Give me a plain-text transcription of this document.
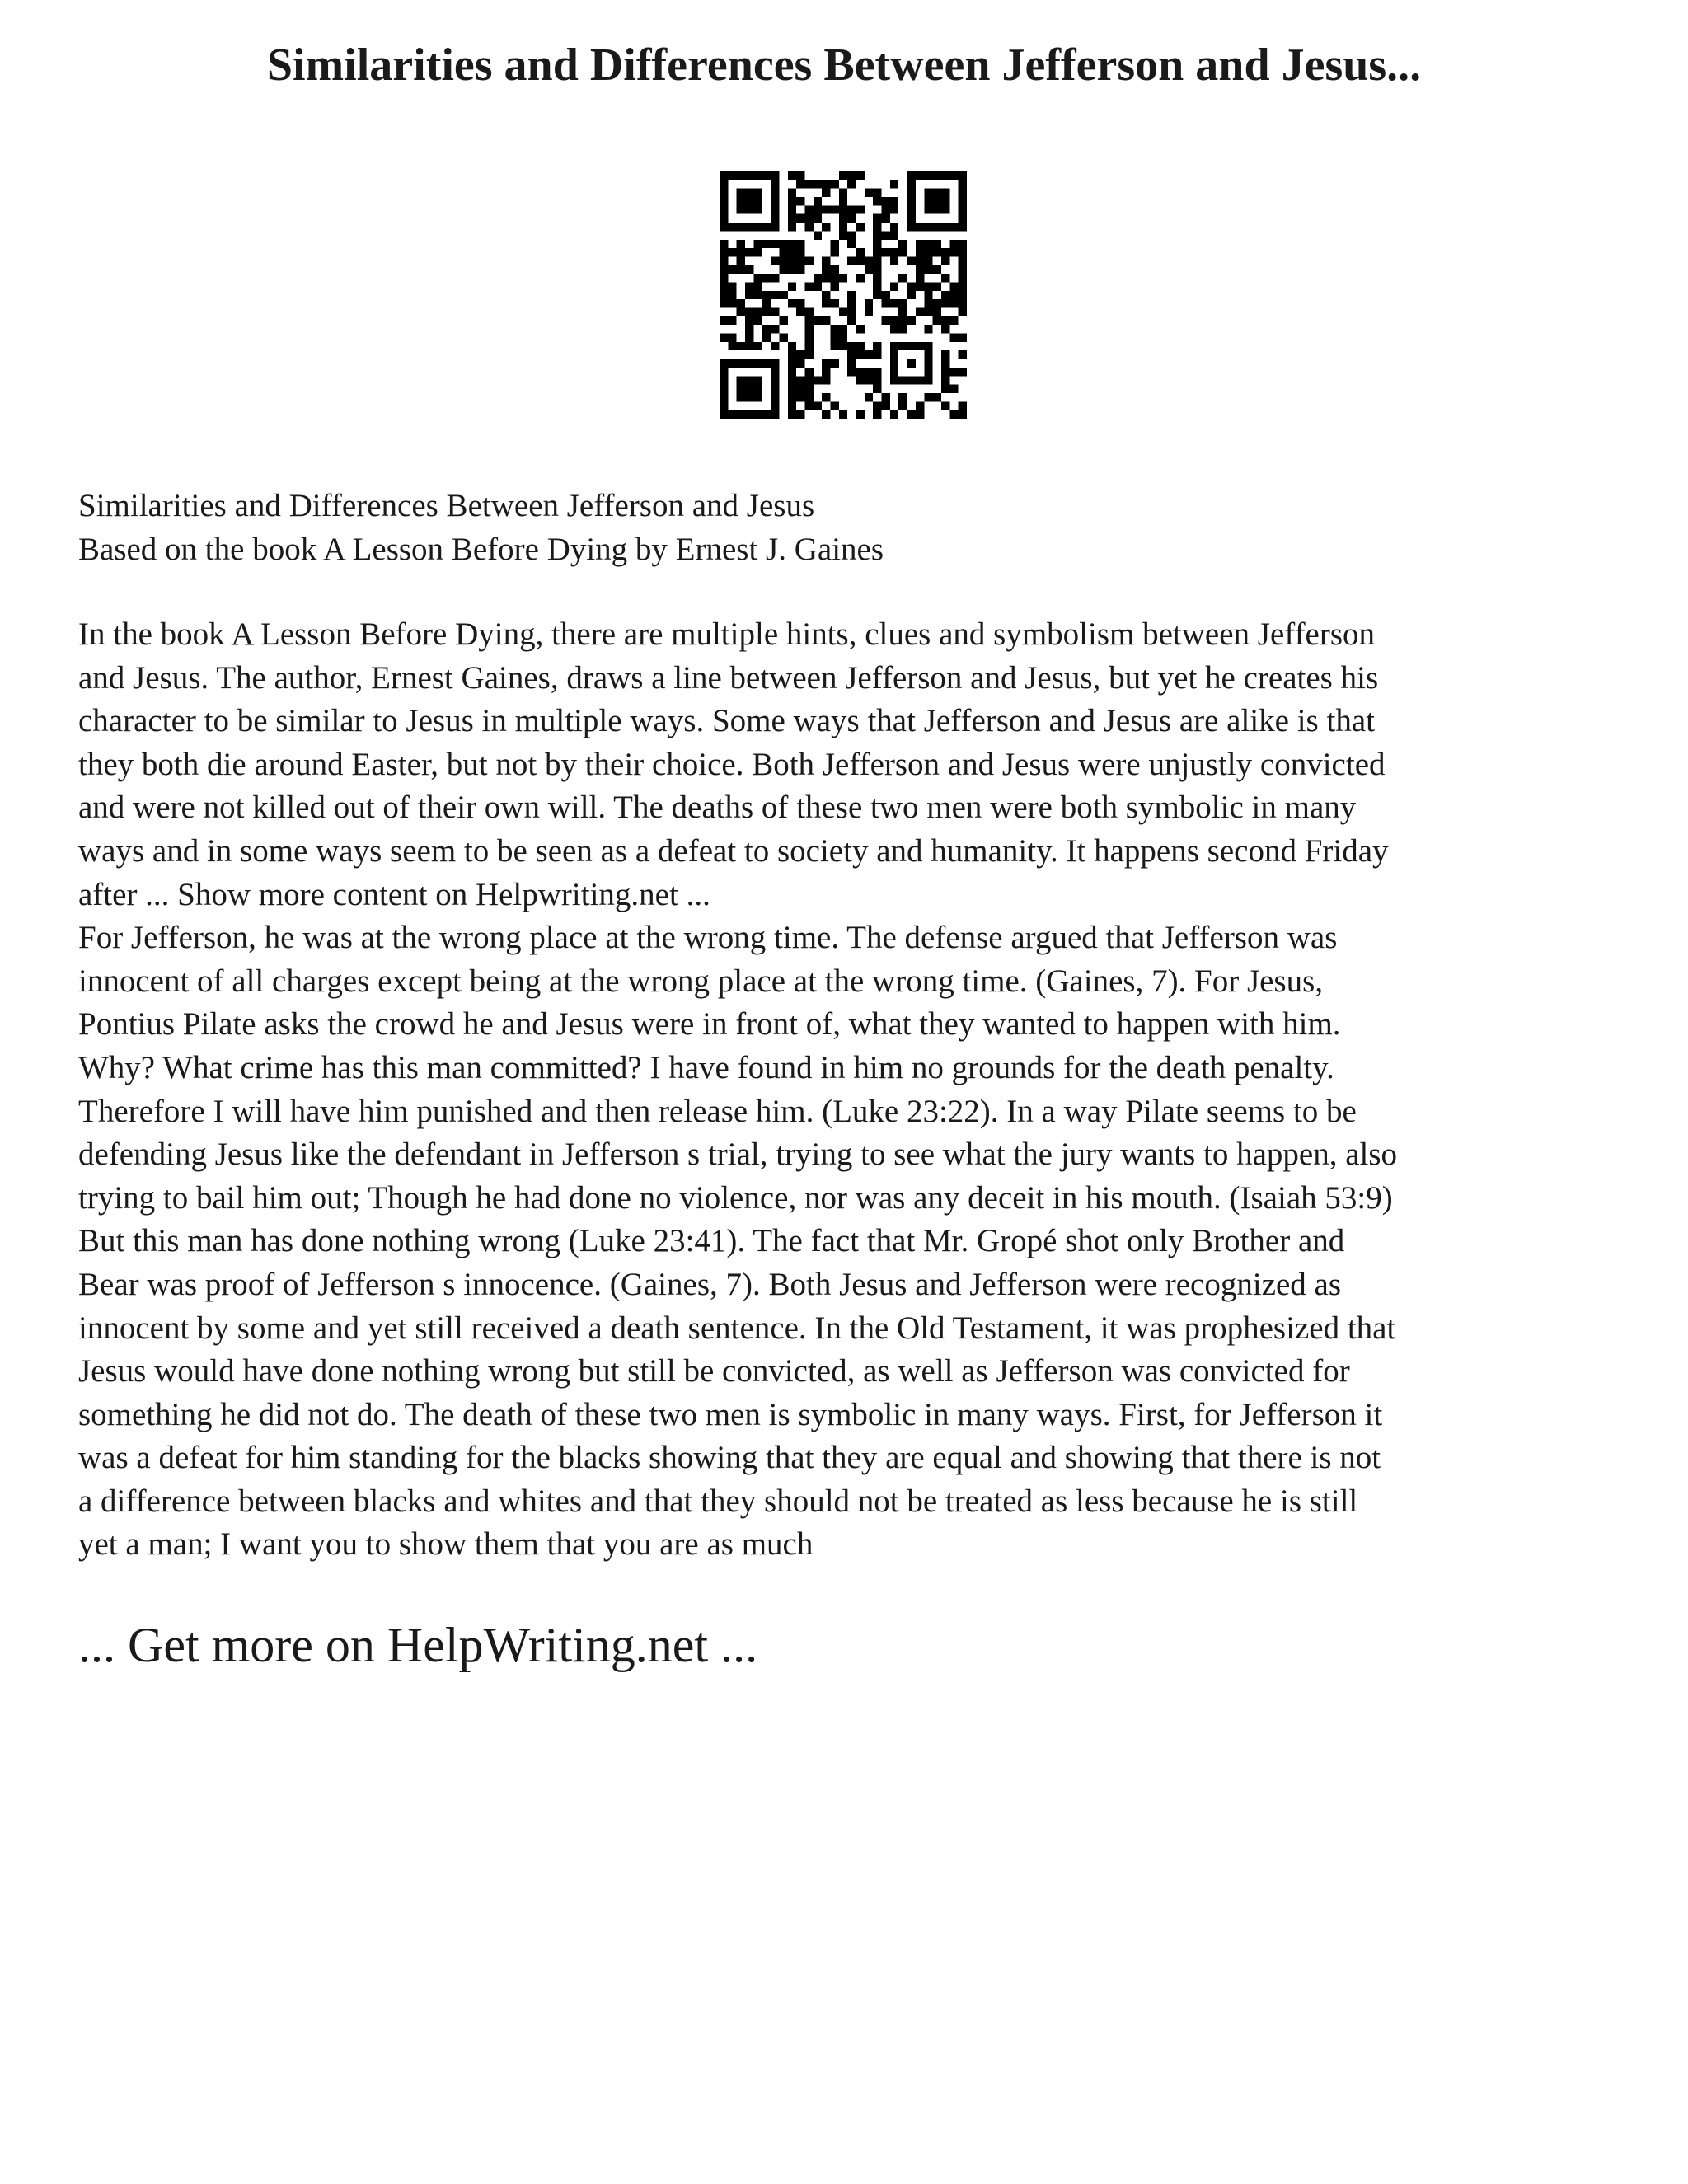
Similarities and Differences Between Jefferson and Jesus...
Similarities and Differences Between Jefferson and Jesus
Based on the book A Lesson Before Dying by Ernest J. Gaines
In the book A Lesson Before Dying, there are multiple hints, clues and symbolism between Jefferson
and Jesus. The author, Ernest Gaines, draws a line between Jefferson and Jesus, but yet he creates his
character to be similar to Jesus in multiple ways. Some ways that Jefferson and Jesus are alike is that
they both die around Easter, but not by their choice. Both Jefferson and Jesus were unjustly convicted
and were not killed out of their own will. The deaths of these two men were both symbolic in many
ways and in some ways seem to be seen as a defeat to society and humanity. It happens second Friday
after ... Show more content on Helpwriting.net ...
For Jefferson, he was at the wrong place at the wrong time. The defense argued that Jefferson was
innocent of all charges except being at the wrong place at the wrong time. (Gaines, 7). For Jesus,
Pontius Pilate asks the crowd he and Jesus were in front of, what they wanted to happen with him.
Why? What crime has this man committed? I have found in him no grounds for the death penalty.
Therefore I will have him punished and then release him. (Luke 23:22). In a way Pilate seems to be
defending Jesus like the defendant in Jefferson s trial, trying to see what the jury wants to happen, also
trying to bail him out; Though he had done no violence, nor was any deceit in his mouth. (Isaiah 53:9)
But this man has done nothing wrong (Luke 23:41). The fact that Mr. Gropé shot only Brother and
Bear was proof of Jefferson s innocence. (Gaines, 7). Both Jesus and Jefferson were recognized as
innocent by some and yet still received a death sentence. In the Old Testament, it was prophesized that
Jesus would have done nothing wrong but still be convicted, as well as Jefferson was convicted for
something he did not do. The death of these two men is symbolic in many ways. First, for Jefferson it
was a defeat for him standing for the blacks showing that they are equal and showing that there is not
a difference between blacks and whites and that they should not be treated as less because he is still
yet a man; I want you to show them that you are as much
... Get more on HelpWriting.net ...
